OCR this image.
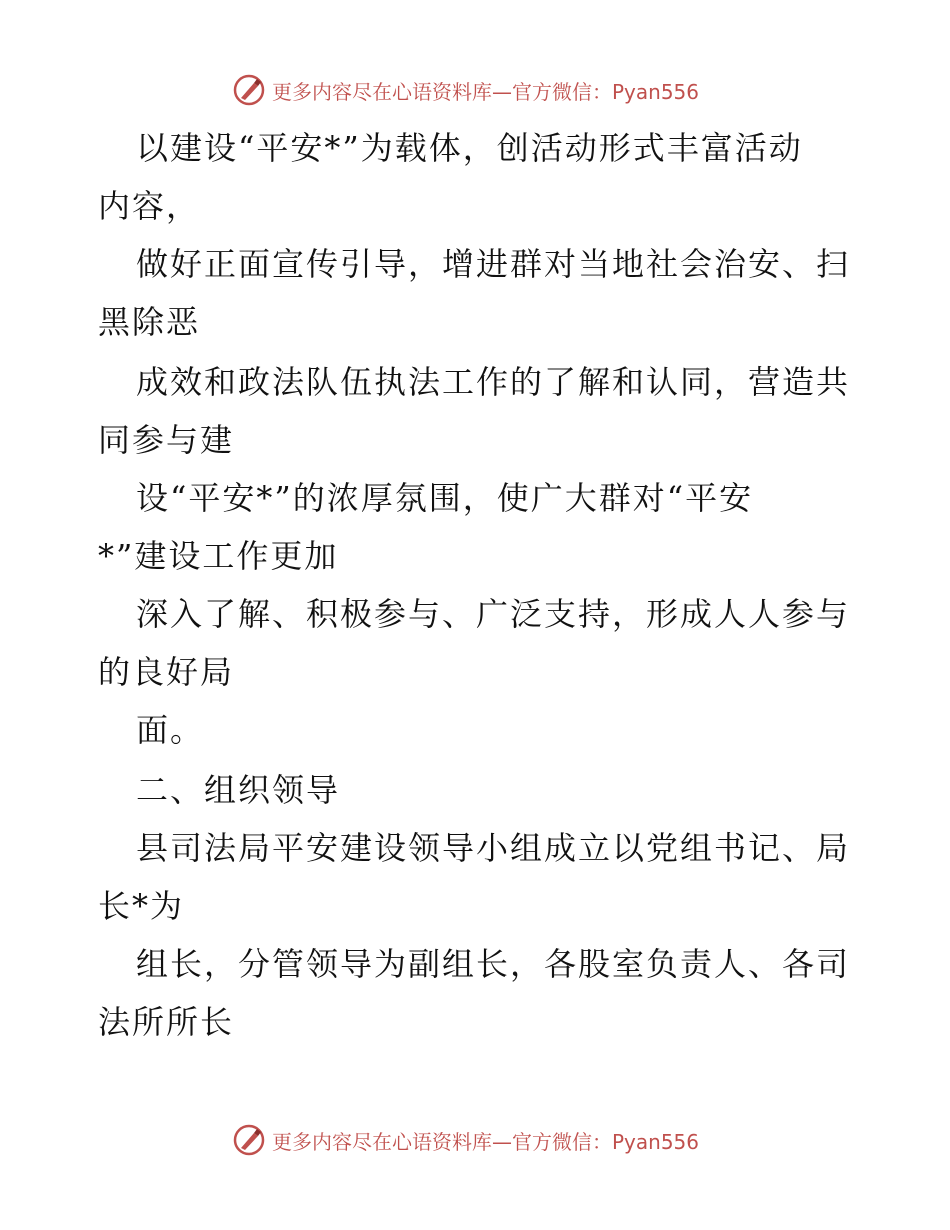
更多内容尽在心语资料库—官方微信：Pyan556
以建设“平安*”为载体，创活动形式丰富活动
内容，
做好正面宣传引导，增进群对当地社会治安、扫
黑除恶
成效和政法队伍执法工作的了解和认同，营造共
同参与建
设“平安*”的浓厚氛围，使广大群对“平安
*”建设工作更加
深入了解、积极参与、广泛支持，形成人人参与
的良好局
面。
二、组织领导
县司法局平安建设领导小组成立以党组书记、局
长*为
组长，分管领导为副组长，各股室负责人、各司
法所所长
更多内容尽在心语资料库—官方微信：Pyan556
